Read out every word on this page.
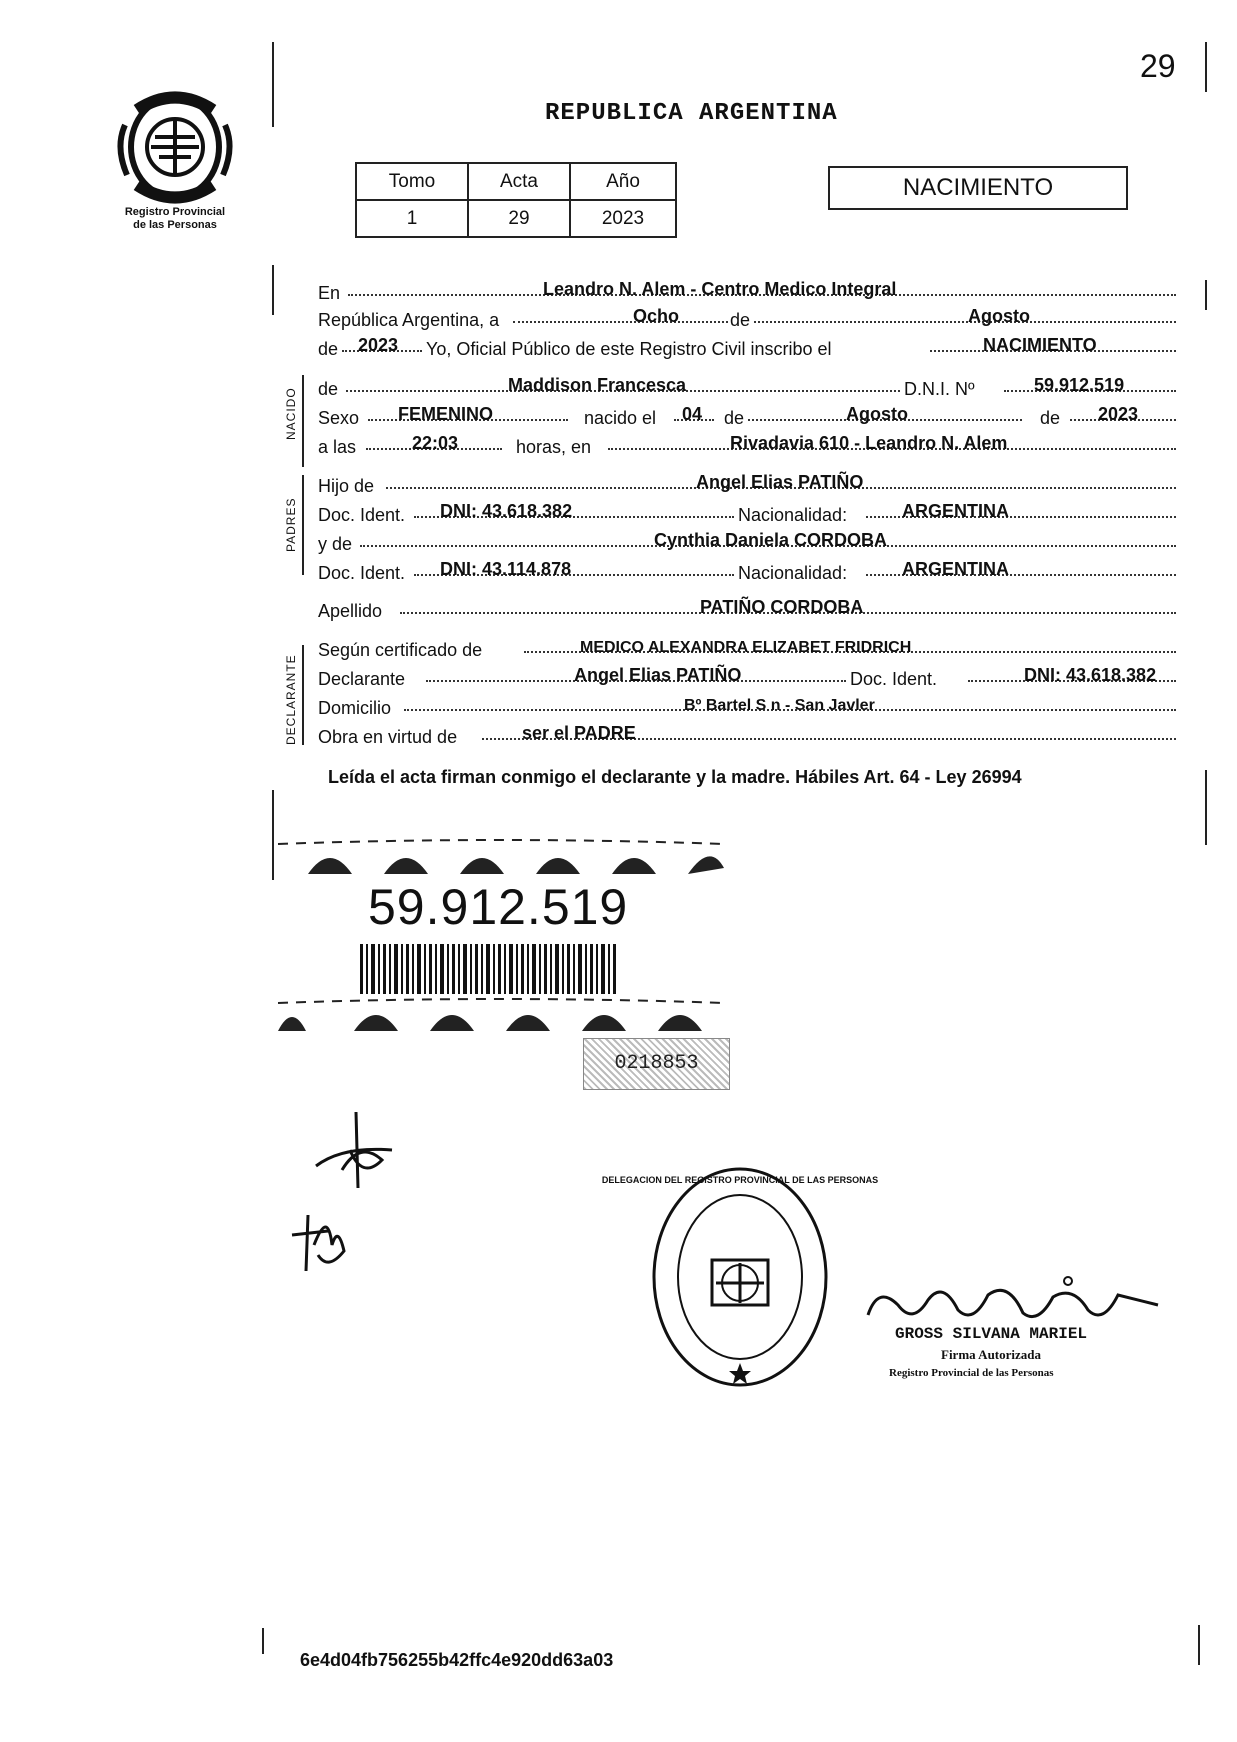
29
Registro Provincial
de las Personas
REPUBLICA ARGENTINA
Tomo	Acta	Año
1	29	2023
NACIMIENTO
NACIDO
PADRES
DECLARANTE
En	Leandro N. Alem - Centro Medico Integral
República Argentina, a	Ocho	de	Agosto
de 2023 Yo, Oficial Público de este Registro Civil inscribo el	NACIMIENTO
de	Maddison Francesca	D.N.I. Nº	59.912.519
Sexo FEMENINO	nacido el 04 de	Agosto	de 2023
a las	22:03	horas, en	Rivadavia 610 - Leandro N. Alem
Hijo de	Angel Elias PATIÑO
Doc. Ident. DNI: 43.618.382	Nacionalidad:	ARGENTINA
y de	Cynthia Daniela CORDOBA
Doc. Ident. DNI: 43.114.878	Nacionalidad:	ARGENTINA
Apellido	PATIÑO CORDOBA
Según certificado de	MEDICO ALEXANDRA ELIZABET FRIDRICH
Declarante	Angel Elias PATIÑO	Doc. Ident.	DNI: 43.618.382
Domicilio	Bº Bartel S n - San Javler
Obra en virtud de	ser el PADRE
Leída el acta firman conmigo el declarante y la madre. Hábiles Art. 64 - Ley 26994
59.912.519
0218853
DELEGACION DEL REGISTRO PROVINCIAL DE LAS PERSONAS
GROSS SILVANA MARIEL
Firma Autorizada
Registro Provincial de las Personas
6e4d04fb756255b42ffc4e920dd63a03
